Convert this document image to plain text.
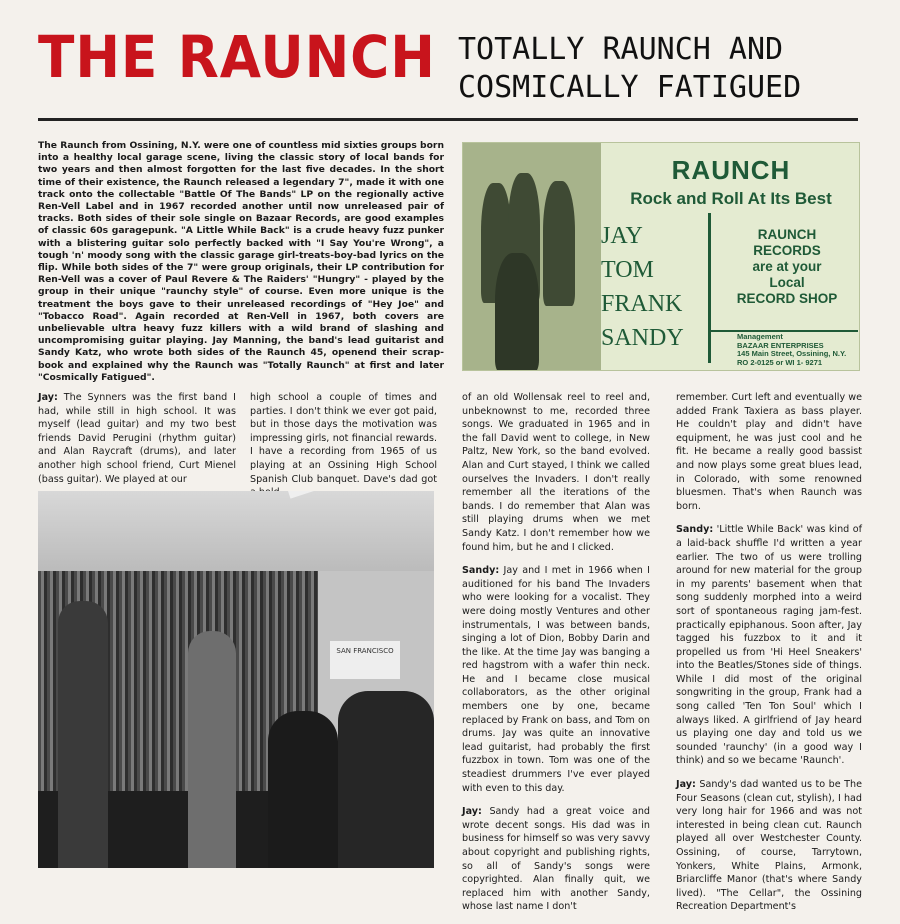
THE RAUNCH TOTALLY RAUNCH AND
COSMICALLY FATIGUED
The Raunch from Ossining, N.Y. were one of countless mid sixties groups born into a healthy local garage scene, living the classic story of local bands for two years and then almost forgotten for the last five decades. In the short time of their existence, the Raunch released a legendary 7", made it with one track onto the collectable "Battle Of The Bands" LP on the regionally active Ren-Vell Label and in 1967 recorded another until now unreleased pair of tracks. Both sides of their sole single on Bazaar Records, are good examples of classic 60s garagepunk. "A Little While Back" is a crude heavy fuzz punker with a blistering guitar solo perfectly backed with "I Say You're Wrong", a tough 'n' moody song with the classic garage girl-treats-boy-bad lyrics on the flip. While both sides of the 7" were group originals, their LP contribution for Ren-Vell was a cover of Paul Revere & The Raiders' "Hungry" - played by the group in their unique "raunchy style" of course. Even more unique is the treatment the boys gave to their unreleased recordings of "Hey Joe" and "Tobacco Road". Again recorded at Ren-Vell in 1967, both covers are unbelievable ultra heavy fuzz killers with a wild brand of slashing and uncompromising guitar playing. Jay Manning, the band's lead guitarist and Sandy Katz, who wrote both sides of the Raunch 45, openend their scrap-book and explained why the Raunch was "Totally Raunch" at first and later "Cosmically Fatigued".
RAUNCH
Rock and Roll At Its Best
JAY
TOM
FRANK
SANDY
RAUNCH
RECORDS
are at your
Local
RECORD SHOP
Management
BAZAAR ENTERPRISES
145 Main Street, Ossining, N.Y.
RO 2-0125 or WI 1- 9271

Jay: The Synners was the first band I had, while still in high school. It was myself (lead guitar) and my two best friends David Perugini (rhythm guitar) and Alan Raycraft (drums), and later another high school friend, Curt Mienel (bass guitar). We played at our

high school a couple of times and parties. I don't think we ever got paid, but in those days the motivation was impressing girls, not financial rewards. I have a recording from 1965 of us playing at an Ossining High School Spanish Club banquet. Dave's dad got

of an old Wollensak reel to reel and, unbeknownst to me, recorded three songs. We graduated in 1965 and in the fall David went to college, in New Paltz, New York, so the band evolved. Alan and Curt stayed, I think we called ourselves the Invaders. I don't really remember all the iterations of the bands. I do remember that Alan was still playing drums when we met Sandy Katz. I don't remember how we found him, but he and I clicked.

Sandy: Jay and I met in 1966 when I auditioned for his band The Invaders who were looking for a vocalist. They were doing mostly Ventures and other instrumentals, I was between bands, singing a lot of Dion, Bobby Darin and the like. At the time Jay was banging a red hagstrom with a wafer thin neck. He and I became close musical collaborators, as the other original members one by one, became replaced by Frank on bass, and Tom on drums. Jay was quite an innovative lead guitarist, had probably the first fuzzbox in town. Tom was one of the steadiest drummers I've ever played with even to this day.

Jay: Sandy had a great voice and wrote decent songs. His dad was in business for himself so was very savvy about copyright and publishing rights, so all of Sandy's songs were copyrighted. Alan finally quit, we replaced him with another Sandy, whose last name I don't

remember. Curt left and eventually we added Frank Taxiera as bass player. He couldn't play and didn't have equipment, he was just cool and he fit. He became a really good bassist and now plays some great blues lead, in Colorado, with some renowned bluesmen. That's when Raunch was born.

Sandy: 'Little While Back' was kind of a laid-back shuffle I'd written a year earlier. The two of us were trolling around for new material for the group in my parents' basement when that song suddenly morphed into a weird sort of spontaneous raging jam-fest. practically epiphanous. Soon after, Jay tagged his fuzzbox to it and it propelled us from 'Hi Heel Sneakers' into the Beatles/Stones side of things. While I did most of the original songwriting in the group, Frank had a song called 'Ten Ton Soul' which I always liked. A girlfriend of Jay heard us playing one day and told us we sounded 'raunchy' (in a good way I think) and so we became 'Raunch'.

Jay: Sandy's dad wanted us to be The Four Seasons (clean cut, stylish), I had very long hair for 1966 and was not interested in being clean cut. Raunch played all over Westchester County. Ossining, of course, Tarrytown, Yonkers, White Plains, Armonk, Briarcliffe Manor (that's where Sandy lived). "The Cellar", the Ossining Recreation Department's

SAN FRANCISCO
